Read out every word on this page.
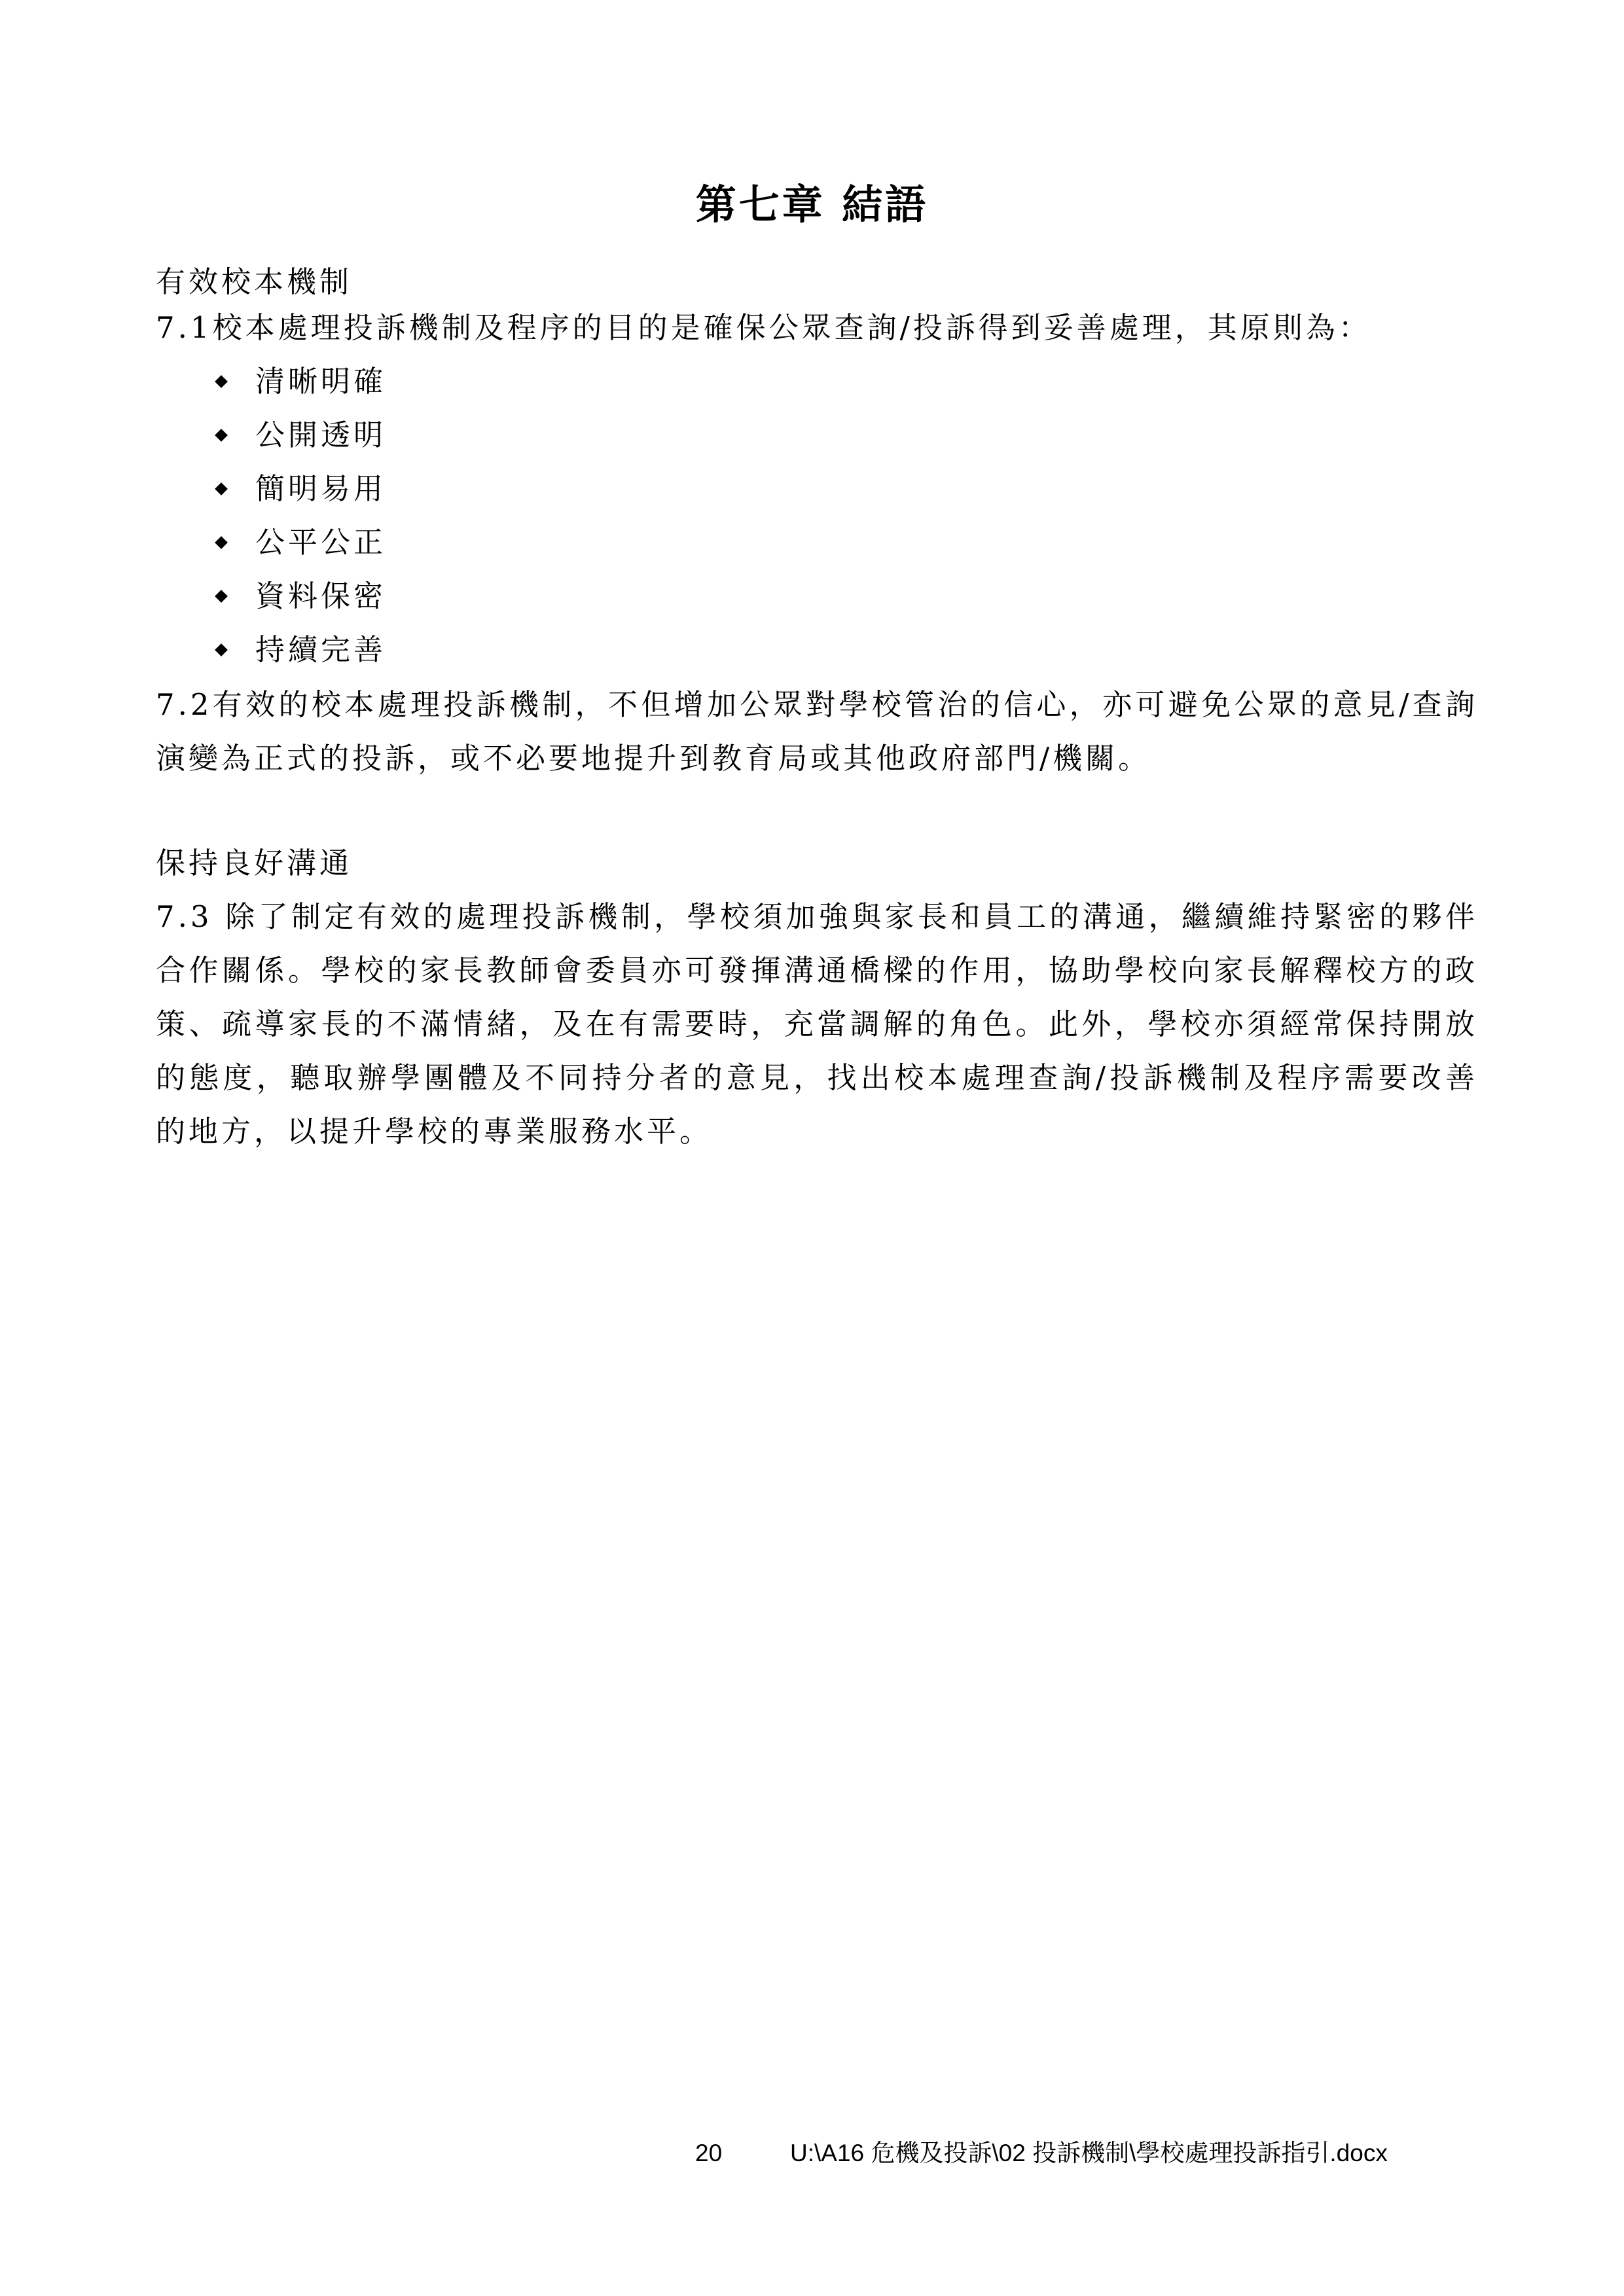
第七章 結語
有效校本機制
7.1校本處理投訴機制及程序的目的是確保公眾查詢/投訴得到妥善處理，其原則為：
清晰明確
公開透明
簡明易用
公平公正
資料保密
持續完善
7.2有效的校本處理投訴機制，不但增加公眾對學校管治的信心，亦可避免公眾的意見/查詢演變為正式的投訴，或不必要地提升到教育局或其他政府部門/機關。
保持良好溝通
7.3 除了制定有效的處理投訴機制，學校須加強與家長和員工的溝通，繼續維持緊密的夥伴合作關係。學校的家長教師會委員亦可發揮溝通橋樑的作用，協助學校向家長解釋校方的政策、疏導家長的不滿情緒，及在有需要時，充當調解的角色。此外，學校亦須經常保持開放的態度，聽取辦學團體及不同持分者的意見，找出校本處理查詢/投訴機制及程序需要改善的地方，以提升學校的專業服務水平。
20	U:\A16 危機及投訴\02 投訴機制\學校處理投訴指引.docx
